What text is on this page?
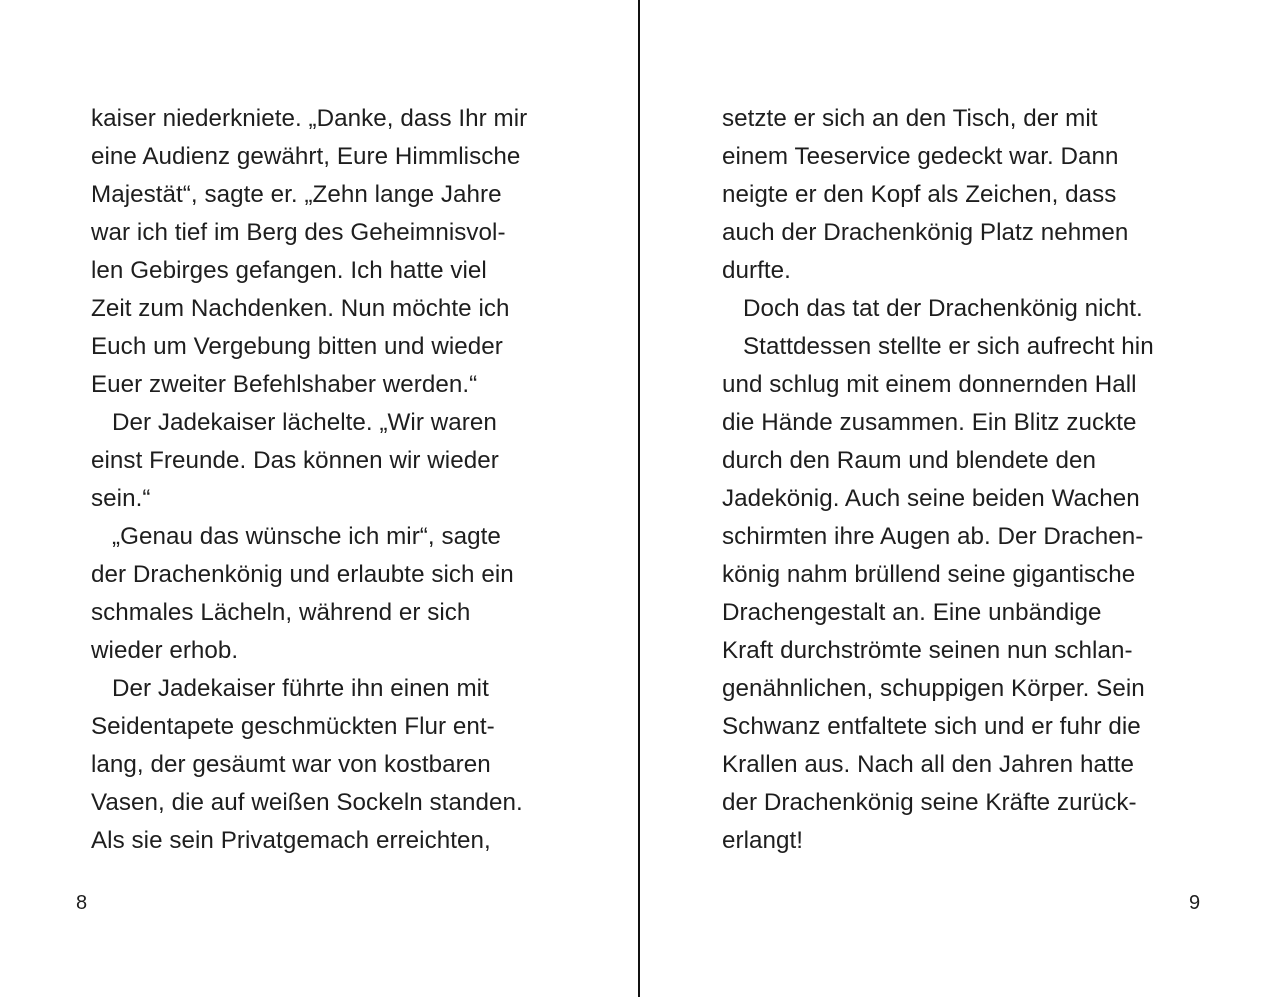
kaiser niederkniete. „Danke, dass Ihr mir
eine Audienz gewährt, Eure Himmlische
Majestät“, sagte er. „Zehn lange Jahre
war ich tief im Berg des Geheimnisvol-
len Gebirges gefangen. Ich hatte viel
Zeit zum Nachdenken. Nun möchte ich
Euch um Vergebung bitten und wieder
Euer zweiter Befehlshaber werden.“
Der Jadekaiser lächelte. „Wir waren
einst Freunde. Das können wir wieder
sein.“
„Genau das wünsche ich mir“, sagte
der Drachenkönig und erlaubte sich ein
schmales Lächeln, während er sich
wieder erhob.
Der Jadekaiser führte ihn einen mit
Seidentapete geschmückten Flur ent-
lang, der gesäumt war von kostbaren
Vasen, die auf weißen Sockeln standen.
Als sie sein Privatgemach erreichten,
8
setzte er sich an den Tisch, der mit
einem Teeservice gedeckt war. Dann
neigte er den Kopf als Zeichen, dass
auch der Drachenkönig Platz nehmen
durfte.
Doch das tat der Drachenkönig nicht.
Stattdessen stellte er sich aufrecht hin
und schlug mit einem donnernden Hall
die Hände zusammen. Ein Blitz zuckte
durch den Raum und blendete den
Jadekönig. Auch seine beiden Wachen
schirmten ihre Augen ab. Der Drachen-
könig nahm brüllend seine gigantische
Drachengestalt an. Eine unbändige
Kraft durchströmte seinen nun schlan-
genähnlichen, schuppigen Körper. Sein
Schwanz entfaltete sich und er fuhr die
Krallen aus. Nach all den Jahren hatte
der Drachenkönig seine Kräfte zurück-
erlangt!
9
